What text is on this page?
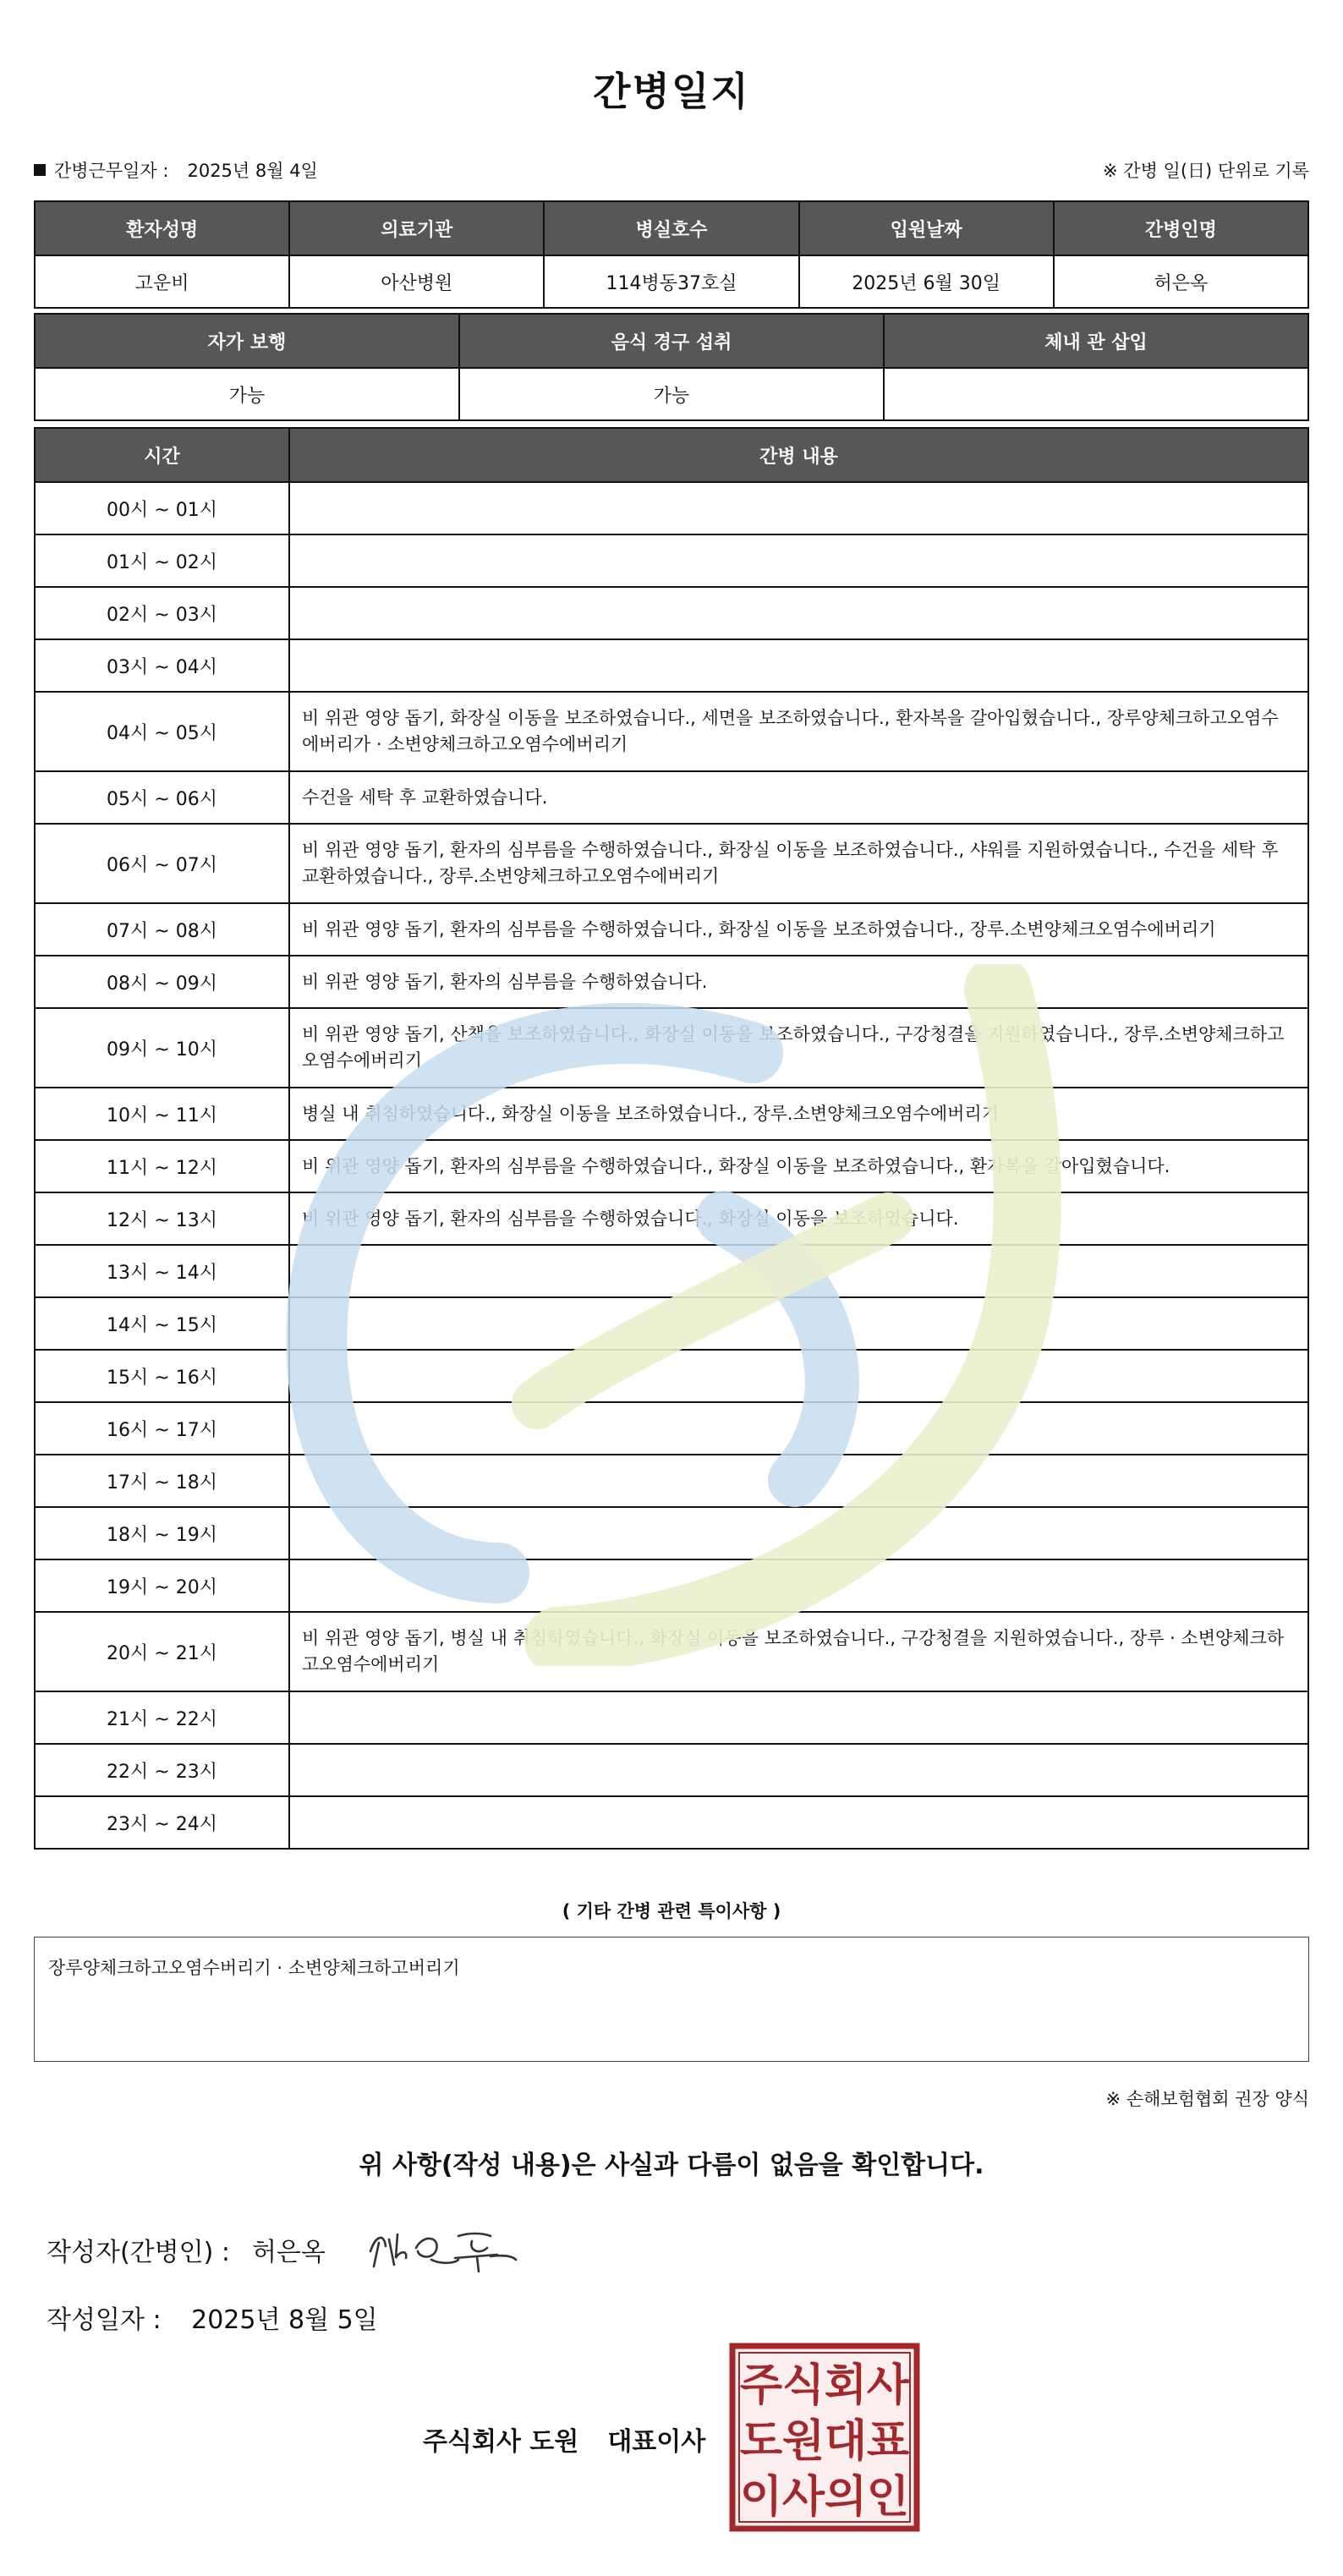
간병일지
간병근무일자 : 2025년 8월 4일	※ 간병 일(日) 단위로 기록
환자성명	의료기관	병실호수	입원날짜	간병인명
고운비	아산병원	114병동37호실	2025년 6월 30일	허은옥
자가 보행	음식 경구 섭취	체내 관 삽입
가능	가능	
시간	간병 내용
00시 ~ 01시	
01시 ~ 02시	
02시 ~ 03시	
03시 ~ 04시	
04시 ~ 05시	비 위관 영양 돕기, 화장실 이동을 보조하였습니다., 세면을 보조하였습니다., 환자복을 갈아입혔습니다., 장루양체크하고오염수에버리가 · 소변양체크하고오염수에버리기
05시 ~ 06시	수건을 세탁 후 교환하였습니다.
06시 ~ 07시	비 위관 영양 돕기, 환자의 심부름을 수행하였습니다., 화장실 이동을 보조하였습니다., 샤워를 지원하였습니다., 수건을 세탁 후 교환하였습니다., 장루.소변양체크하고오염수에버리기
07시 ~ 08시	비 위관 영양 돕기, 환자의 심부름을 수행하였습니다., 화장실 이동을 보조하였습니다., 장루.소변양체크오염수에버리기
08시 ~ 09시	비 위관 영양 돕기, 환자의 심부름을 수행하였습니다.
09시 ~ 10시	비 위관 영양 돕기, 산책을 보조하였습니다., 화장실 이동을 보조하였습니다., 구강청결을 지원하였습니다., 장루.소변양체크하고오염수에버리기
10시 ~ 11시	병실 내 취침하였습니다., 화장실 이동을 보조하였습니다., 장루.소변양체크오염수에버리기
11시 ~ 12시	비 위관 영양 돕기, 환자의 심부름을 수행하였습니다., 화장실 이동을 보조하였습니다., 환자복을 갈아입혔습니다.
12시 ~ 13시	비 위관 영양 돕기, 환자의 심부름을 수행하였습니다., 화장실 이동을 보조하였습니다.
13시 ~ 14시	
14시 ~ 15시	
15시 ~ 16시	
16시 ~ 17시	
17시 ~ 18시	
18시 ~ 19시	
19시 ~ 20시	
20시 ~ 21시	비 위관 영양 돕기, 병실 내 취침하였습니다., 화장실 이동을 보조하였습니다., 구강청결을 지원하였습니다., 장루 · 소변양체크하고오염수에버리기
21시 ~ 22시	
22시 ~ 23시	
23시 ~ 24시	
( 기타 간병 관련 특이사항 )
장루양체크하고오염수버리기 · 소변양체크하고버리기
※ 손해보험협회 권장 양식
위 사항(작성 내용)은 사실과 다름이 없음을 확인합니다.
작성자(간병인) : 허은옥
작성일자 : 2025년 8월 5일
주식회사 도원 대표이사
주 식 회 사
도 원 대 표
이 사 의 인
